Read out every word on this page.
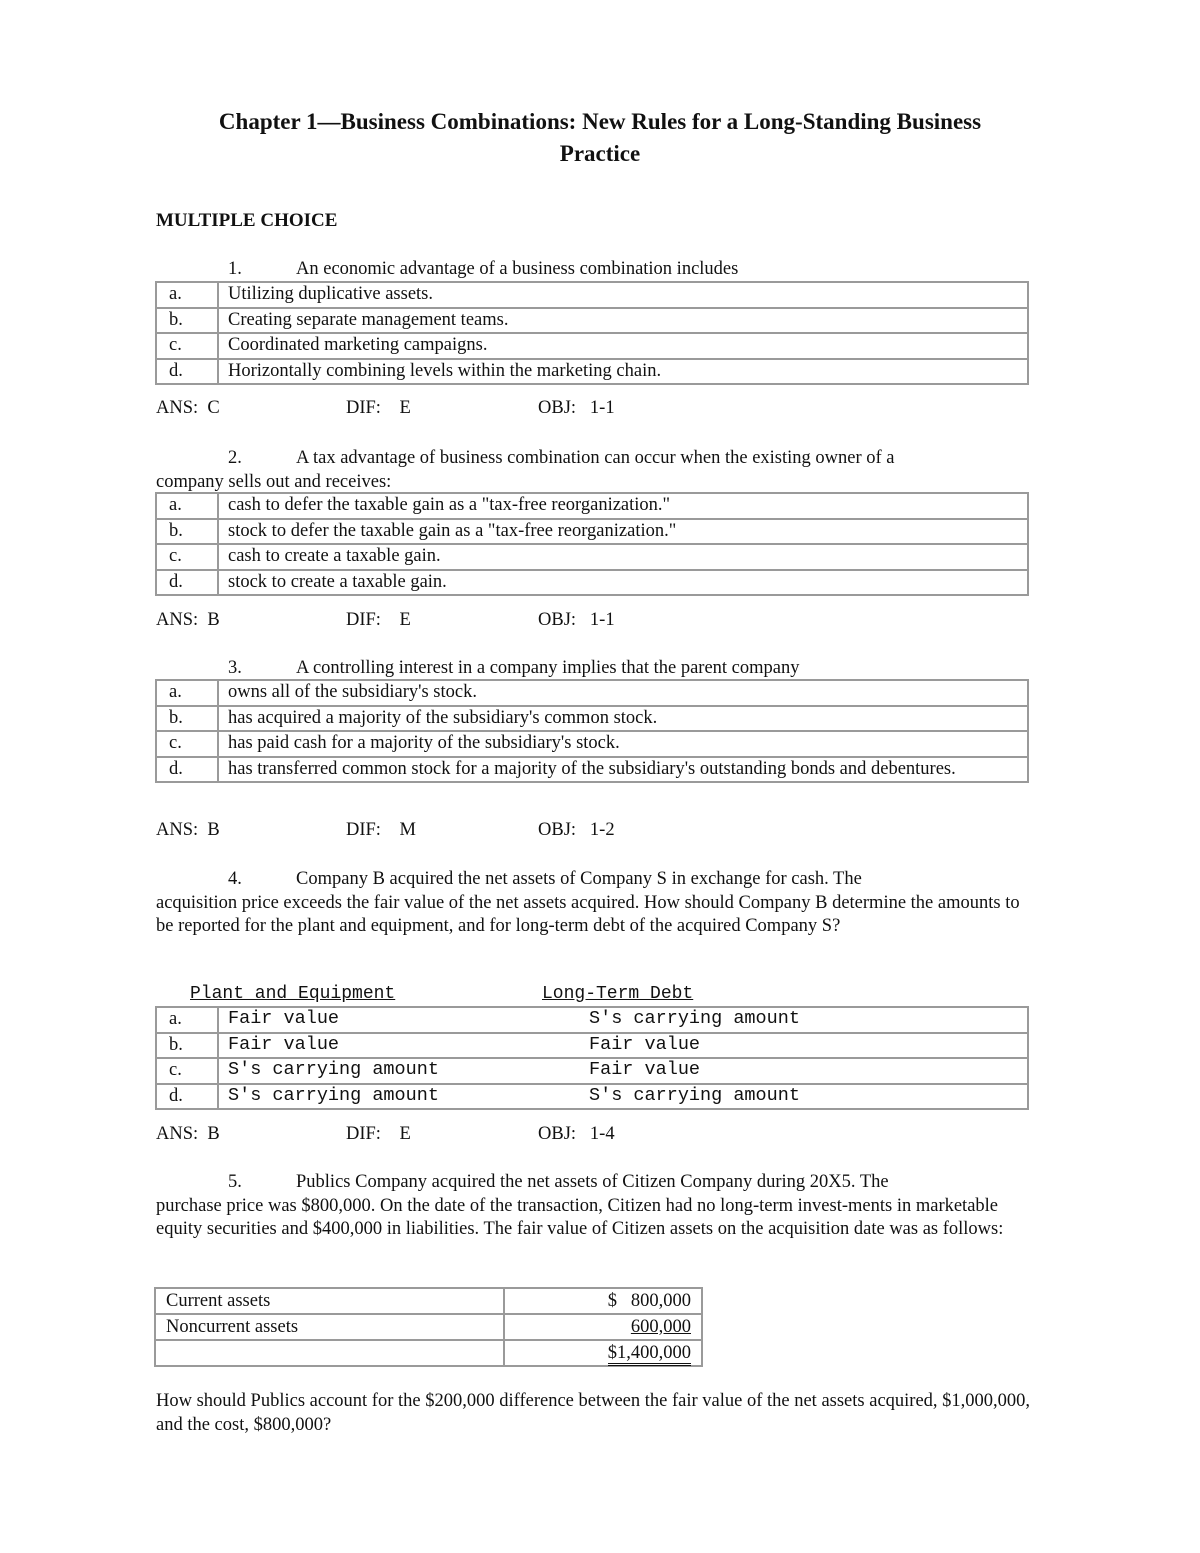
Chapter 1—Business Combinations: New Rules for a Long-Standing Business
Practice
MULTIPLE CHOICE
1.	An economic advantage of a business combination includes
a.	Utilizing duplicative assets.
b.	Creating separate management teams.
c.	Coordinated marketing campaigns.
d.	Horizontally combining levels within the marketing chain.
ANS:  C	DIF:    E	OBJ:   1-1
2.	A tax advantage of business combination can occur when the existing owner of a
company sells out and receives:
a.	cash to defer the taxable gain as a "tax-free reorganization."
b.	stock to defer the taxable gain as a "tax-free reorganization."
c.	cash to create a taxable gain.
d.	stock to create a taxable gain.
ANS:  B	DIF:    E	OBJ:   1-1
3.	A controlling interest in a company implies that the parent company
a.	owns all of the subsidiary's stock.
b.	has acquired a majority of the subsidiary's common stock.
c.	has paid cash for a majority of the subsidiary's stock.
d.	has transferred common stock for a majority of the subsidiary's outstanding bonds and debentures.
ANS:  B	DIF:    M	OBJ:   1-2
4.	Company B acquired the net assets of Company S in exchange for cash. The
acquisition price exceeds the fair value of the net assets acquired. How should Company B determine the amounts to be reported for the plant and equipment, and for long-term debt of the acquired Company S?
Plant and Equipment	Long-Term Debt
a.	Fair value	S's carrying amount
b.	Fair value	Fair value
c.	S's carrying amount	Fair value
d.	S's carrying amount	S's carrying amount
ANS:  B	DIF:    E	OBJ:   1-4
5.	Publics Company acquired the net assets of Citizen Company during 20X5. The
purchase price was $800,000. On the date of the transaction, Citizen had no long-term invest-ments in marketable equity securities and $400,000 in liabilities. The fair value of Citizen assets on the acquisition date was as follows:
Current assets	$   800,000
Noncurrent assets	600,000
	$1,400,000
How should Publics account for the $200,000 difference between the fair value of the net assets acquired, $1,000,000, and the cost, $800,000?
